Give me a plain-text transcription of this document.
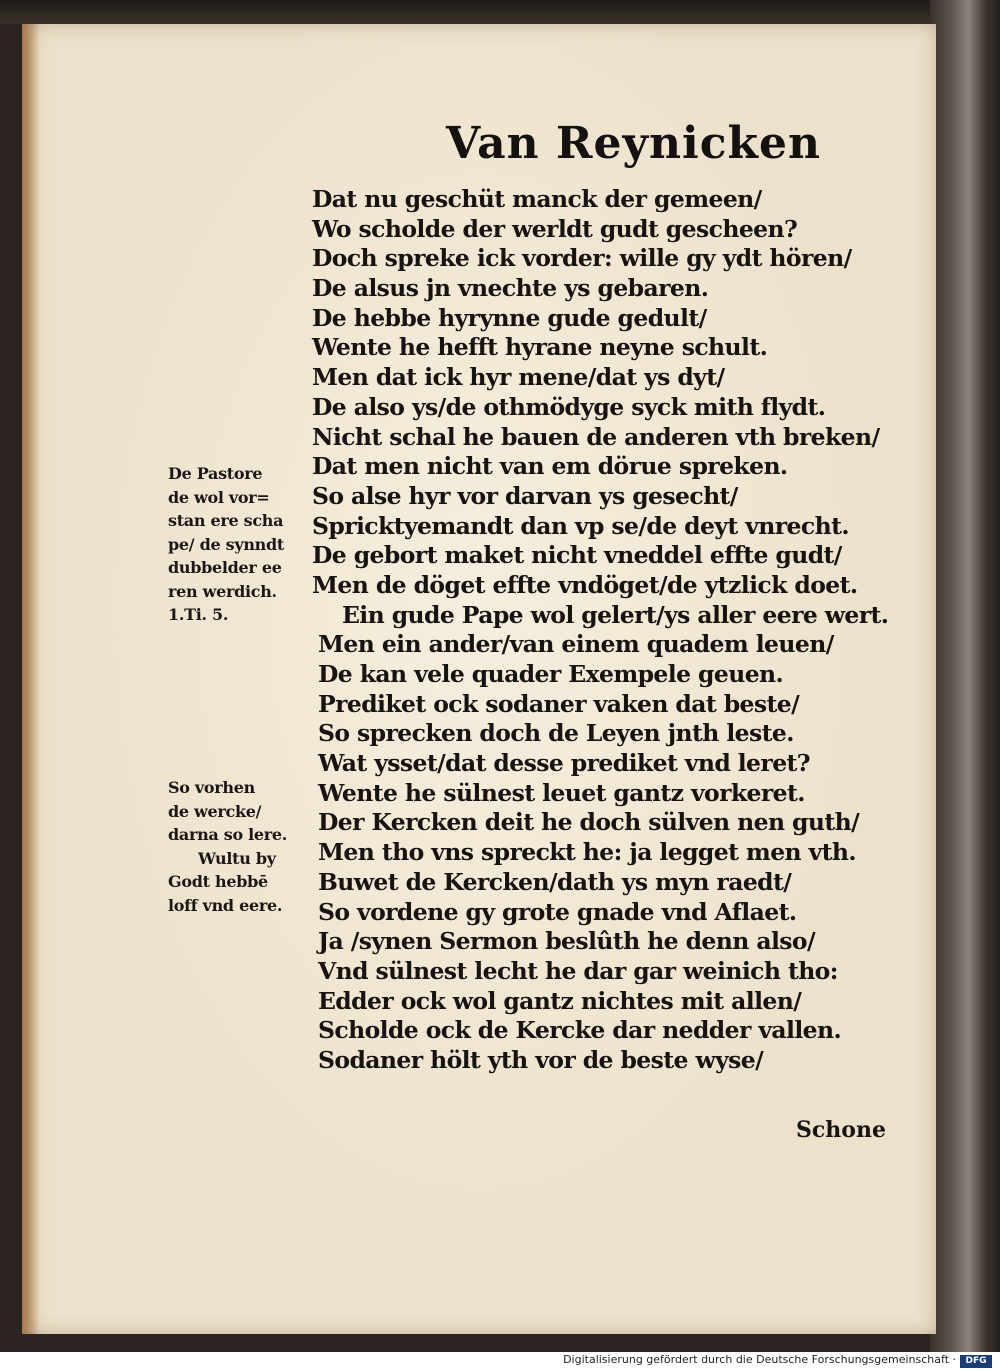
Van Reynicken
Dat nu geschüt manck der gemeen/
Wo scholde der werldt gudt gescheen?
Doch spreke ick vorder: wille gy ydt hören/
De alsus jn vnechte ys gebaren.
De hebbe hyrynne gude gedult/
Wente he hefft hyrane neyne schult.
Men dat ick hyr mene/dat ys dyt/
De also ys/de othmödyge syck mith flydt.
Nicht schal he bauen de anderen vth breken/
Dat men nicht van em dörue spreken.
So alse hyr vor darvan ys gesecht/
Spricktyemandt dan vp se/de deyt vnrecht.
De gebort maket nicht vneddel effte gudt/
Men de döget effte vndöget/de ytzlick doet.
Ein gude Pape wol gelert/ys aller eere wert.
Men ein ander/van einem quadem leuen/
De kan vele quader Exempele geuen.
Prediket ock sodaner vaken dat beste/
So sprecken doch de Leyen jnth leste.
Wat ysset/dat desse prediket vnd leret?
Wente he sülnest leuet gantz vorkeret.
Der Kercken deit he doch sülven nen guth/
Men tho vns spreckt he: ja legget men vth.
Buwet de Kercken/dath ys myn raedt/
So vordene gy grote gnade vnd Aflaet.
Ja /synen Sermon beslûth he denn also/
Vnd sülnest lecht he dar gar weinich tho:
Edder ock wol gantz nichtes mit allen/
Scholde ock de Kercke dar nedder vallen.
Sodaner hölt yth vor de beste wyse/
De Pastore
de wol vor=
stan ere scha
pe/ de synndt
dubbelder ee
ren werdich.
1.Ti. 5.
So vorhen
de wercke/
darna so lere.
Wultu by
Godt hebbē
loff vnd eere.
Schone
Digitalisierung gefördert durch die Deutsche Forschungsgemeinschaft ·	DFG
